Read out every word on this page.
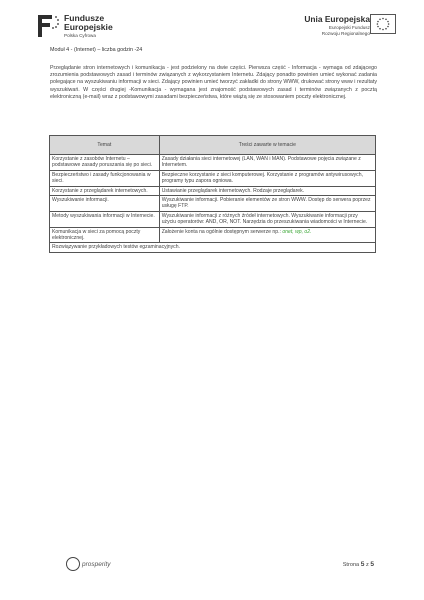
Fundusze
Europejskie
Polska Cyfrowa
Unia Europejska
Europejski Fundusz
Rozwoju Regionalnego
Moduł 4 - (Internet) – liczba godzin -24
Przeglądanie stron internetowych i komunikacja - jest podzielony na dwie części. Pierwsza część - Informacja - wymaga od zdającego zrozumienia podstawowych zasad i terminów związanych z wykorzystaniem Internetu. Zdający ponadto powinien umieć wykonać zadania polegające na wyszukiwaniu informacji w sieci. Zdający powinien umieć tworzyć zakładki do strony WWW, drukować strony www i rezultaty wyszukiwań. W części drugiej -Komunikacja - wymagana jest znajomość podstawowych zasad i terminów związanych z pocztą elektroniczną (e-mail) wraz z podstawowymi zasadami bezpieczeństwa, które wiążą się ze stosowaniem poczty elektronicznej.
Temat	Treści zawarte w temacie
Korzystanie z zasobów Internetu – podstawowe zasady poruszania się po sieci.	Zasady działania sieci internetowej (LAN, WAN i MAN). Podstawowe pojęcia związane z Internetem.
Bezpieczeństwo i zasady funkcjonowania w sieci.	Bezpieczne korzystanie z sieci komputerowej. Korzystanie z programów antywirusowych, programy typu zapora ogniowa.
Korzystanie z przeglądarek internetowych.	Ustawianie przeglądarek internetowych. Rodzaje przeglądarek.
Wyszukiwanie informacji.	Wyszukiwanie informacji. Pobieranie elementów ze stron WWW. Dostęp do serwera poprzez usługę FTP.
Metody wyszukiwania informacji w Internecie.	Wyszukiwanie informacji z różnych źródeł internetowych. Wyszukiwanie informacji przy użyciu operatorów: AND, OR, NOT. Narzędzia do przeszukiwania wiadomości w Internecie.
Komunikacja w sieci za pomocą poczty elektronicznej.	Założenie konta na ogólnie dostępnym serwerze np.: onet, wp, o2.
Rozwiązywanie przykładowych testów egzaminacyjnych.	
prosperity	Strona 5 z 5
